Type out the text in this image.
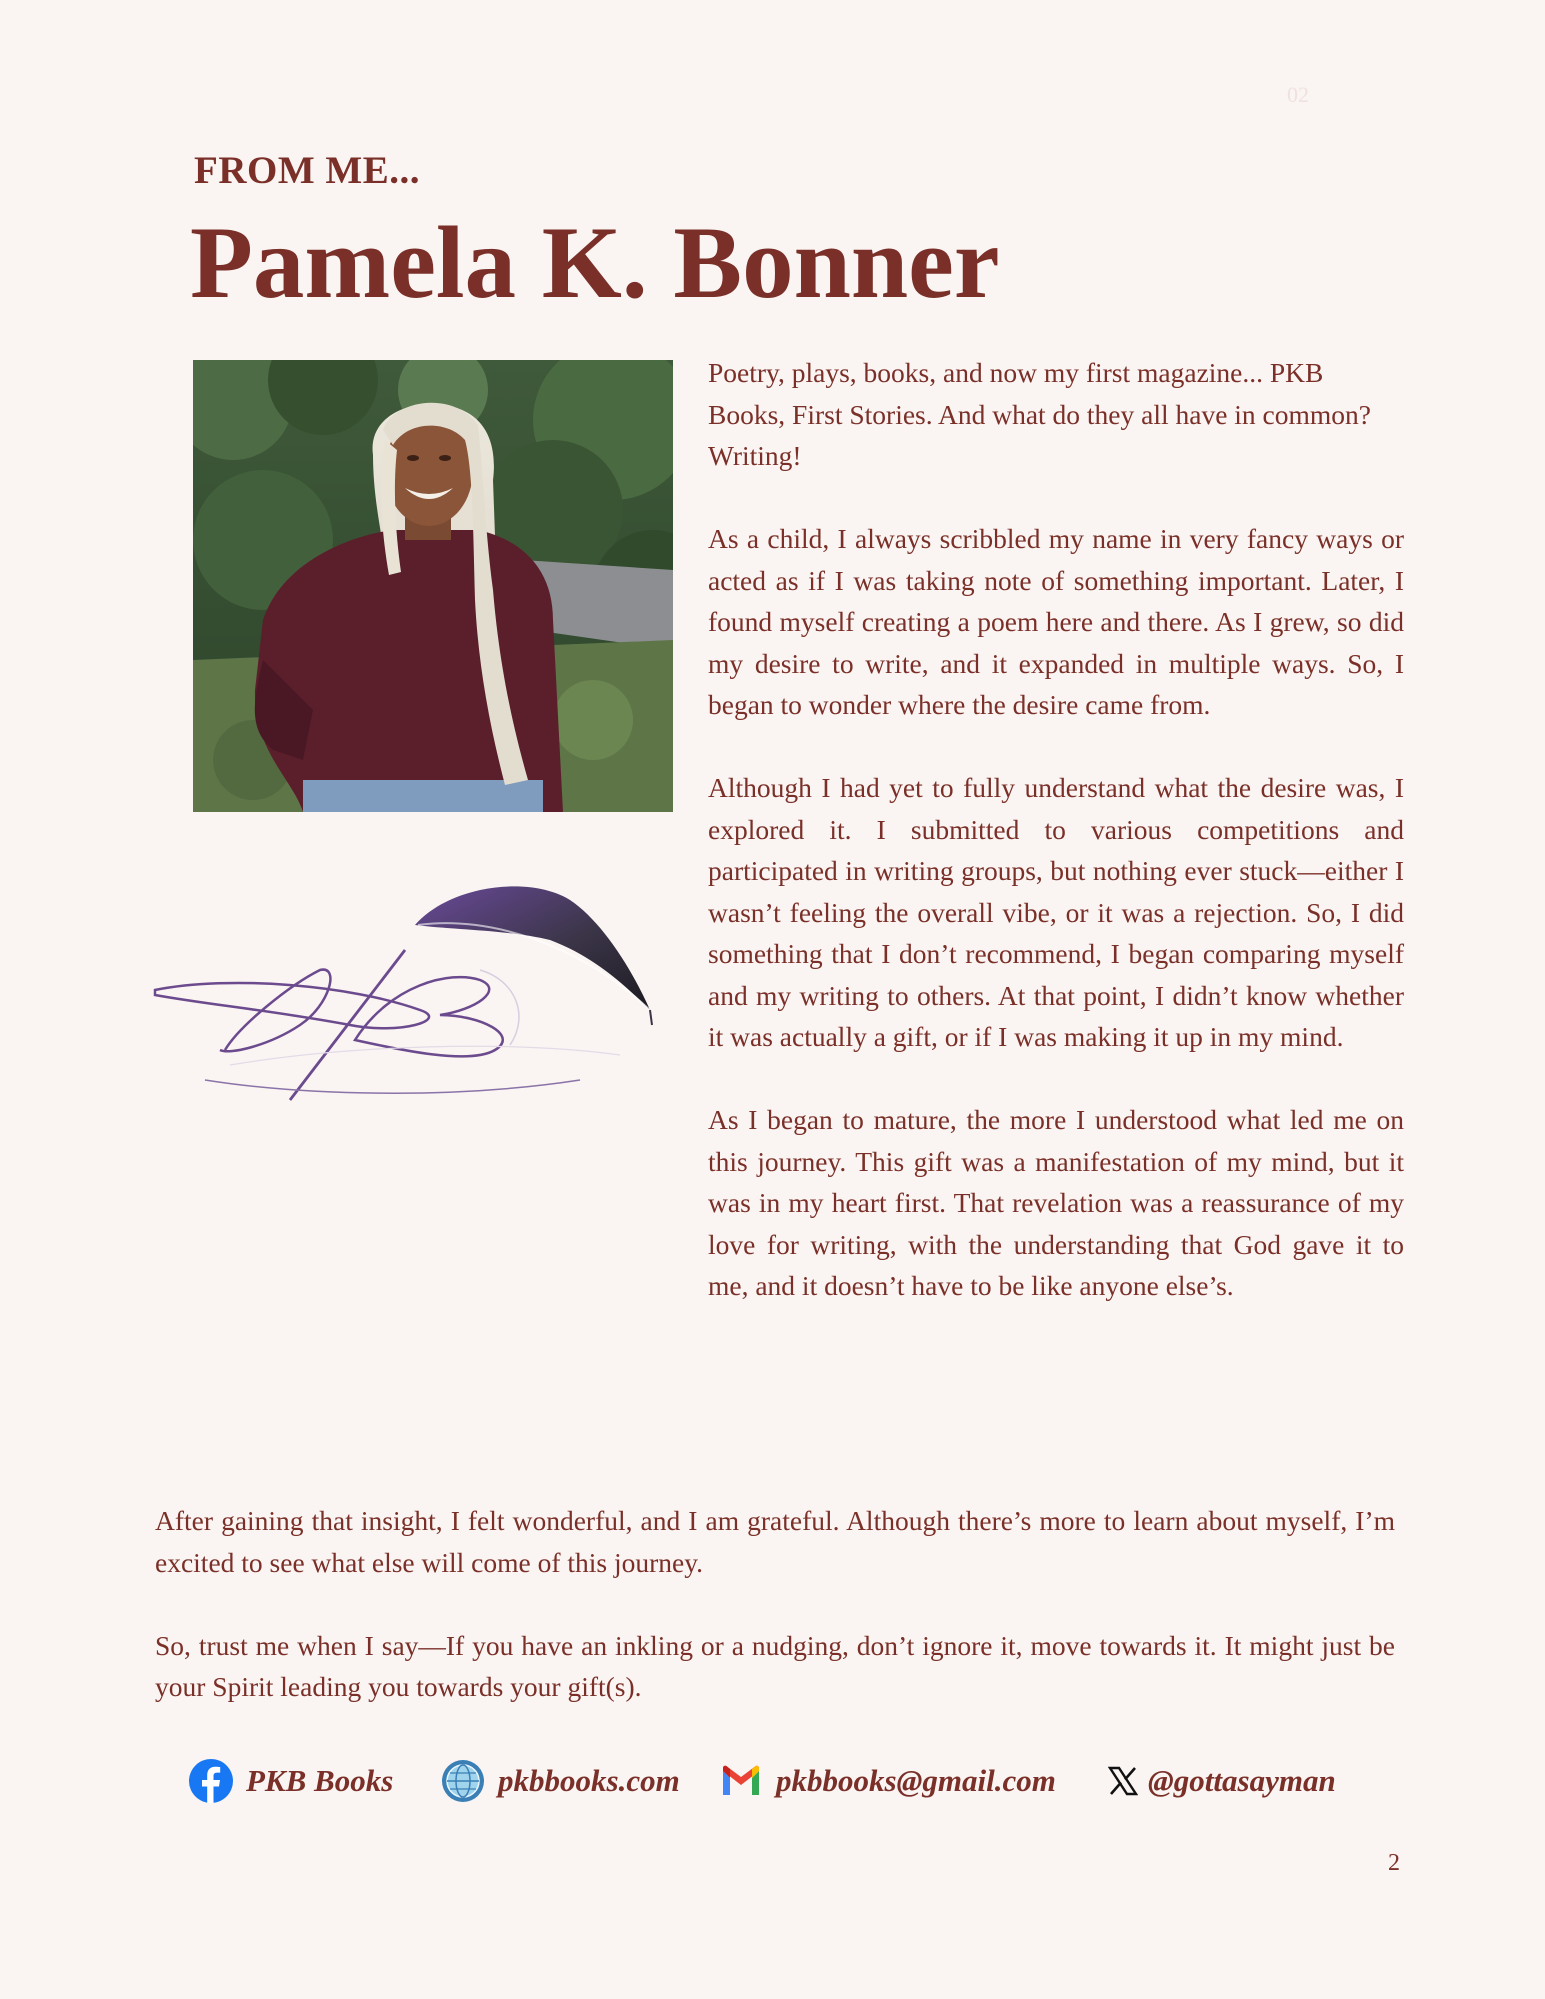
02
FROM ME...
Pamela K. Bonner

Poetry, plays, books, and now my first magazine... PKB Books, First Stories. And what do they all have in common? Writing!

As a child, I always scribbled my name in very fancy ways or acted as if I was taking note of something important. Later, I found myself creating a poem here and there. As I grew, so did my desire to write, and it expanded in multiple ways. So, I began to wonder where the desire came from.

Although I had yet to fully understand what the desire was, I explored it. I submitted to various competitions and participated in writing groups, but nothing ever stuck—either I wasn’t feeling the overall vibe, or it was a rejection. So, I did something that I don’t recommend, I began comparing myself and my writing to others. At that point, I didn’t know whether it was actually a gift, or if I was making it up in my mind.

As I began to mature, the more I understood what led me on this journey. This gift was a manifestation of my mind, but it was in my heart first. That revelation was a reassurance of my love for writing, with the understanding that God gave it to me, and it doesn’t have to be like anyone else’s.

After gaining that insight, I felt wonderful, and I am grateful. Although there’s more to learn about myself, I’m excited to see what else will come of this journey.

So, trust me when I say—If you have an inkling or a nudging, don’t ignore it, move towards it. It might just be your Spirit leading you towards your gift(s).

PKB Books	pkbbooks.com	pkbbooks@gmail.com	@gottasayman
2
